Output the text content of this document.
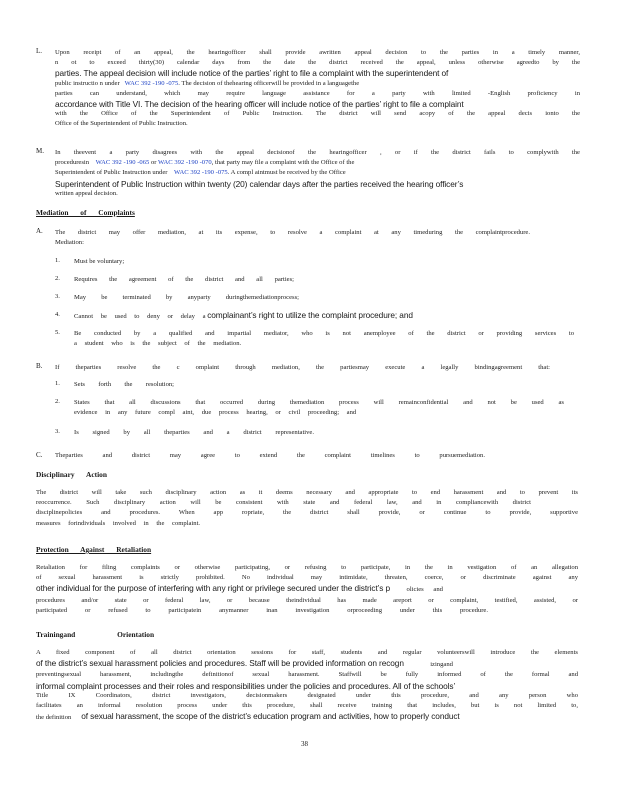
L. Upon receipt of an appeal, the hearingofficer shall provide awritten appeal decision to the parties in a timely manner,

n ot to exceed thirty(30) calendar days from the date the district received the appeal, unless otherwise agreedto by the

parties. The appeal decision will include notice of the parties’ right to file a complaint with the superintendent of

public instructio n under WAC 392 -190 -075. The decision of thehearing officerwill be provided in a languagethe

parties can understand, which may require language assistance for a party with limited -English proficiency in

accordance with Title VI. The decision of the hearing officer will include notice of the parties’ right to file a complaint

with the Office of the Superintendent of Public Instruction. The district will send acopy of the appeal decis ionto the

Office of the Superintendent of Public Instruction.

M. In theevent a party disagrees with the appeal decisionof the hearingofficer , or if the district fails to complywith the

proceduresin WAC 392 -190 -065 or WAC 392 -190 -070, that party may file a complaint with the Office of the

Superintendent of Public Instruction under WAC 392 -190 -075. A compl aintmust be received by the Office

Superintendent of Public Instruction within twenty (20) calendar days after the parties received the hearing officer’s

written appeal decision.

Mediation of Complaints
A. The district may offer mediation, at its expense, to resolve a complaint at any timeduring the complaintprocedure.

Mediation:

1. Must be voluntary;
2. Requires the agreement of the district and all parties;

3. May be terminated by anyparty duringthemediationprocess;

4. Cannot be used to deny or delay a complainant’s right to utilize the complaint procedure; and

5. Be conducted by a qualified and impartial mediator, who is not anemployee of the district or providing services to

a student who is the subject of the mediation.

B. If theparties resolve the c omplaint through mediation, the partiesmay execute a legally bindingagreement that:

1. Sets forth the resolution;

2. States that all discussions that occurred during themediation process will remainconfidential and not be used as

evidence in any future compl aint, due process hearing, or civil proceeding; and

3. Is signed by all theparties and a district representative.

C. Theparties and district may agree to extend the complaint timelines to pursuemediation.

Disciplinary Action

The district will take such disciplinary action as it deems necessary and appropriate to end harassment and to prevent its

reoccurrence. Such disciplinary action will be consistent with state and federal law, and in compliancewith district

disciplinepolicies and procedures. When app ropriate, the district shall provide, or continue to provide, supportive

measures forindividuals involved in the complaint.

Protection Against Retaliation

Retaliation for filing complaints or otherwise participating, or refusing to participate, in the in vestigation of an allegation

of sexual harassment is strictly prohibited. No individual may intimidate, threaten, coerce, or discriminate against any

other individual for the purpose of interfering with any right or privilege secured under the district’s p olicies and

procedures and/or state or federal law, or because theindividual has made areport or complaint, testified, assisted, or

participated or refused to participatein anymanner inan investigation orproceeding under this procedure.

Trainingand Orientation

A fixed component of all district orientation sessions for staff, students and regular volunteerswill introduce the elements

of the district’s sexual harassment policies and procedures. Staff will be provided information on recogn	izingand

preventingsexual harassment, includingthe definitionof sexual harassment. Staffwill be fully informed of the formal and

informal complaint processes and their roles and responsibilities under the policies and procedures. All of the schools’

Title IX Coordinators, district investigators, decisionmakers designated under this procedure, and any person who

facilitates an informal resolution process under this procedure, shall receive training that includes, but is not limited to,

the definition of sexual harassment, the scope of the district’s education program and activities, how to properly conduct

38
